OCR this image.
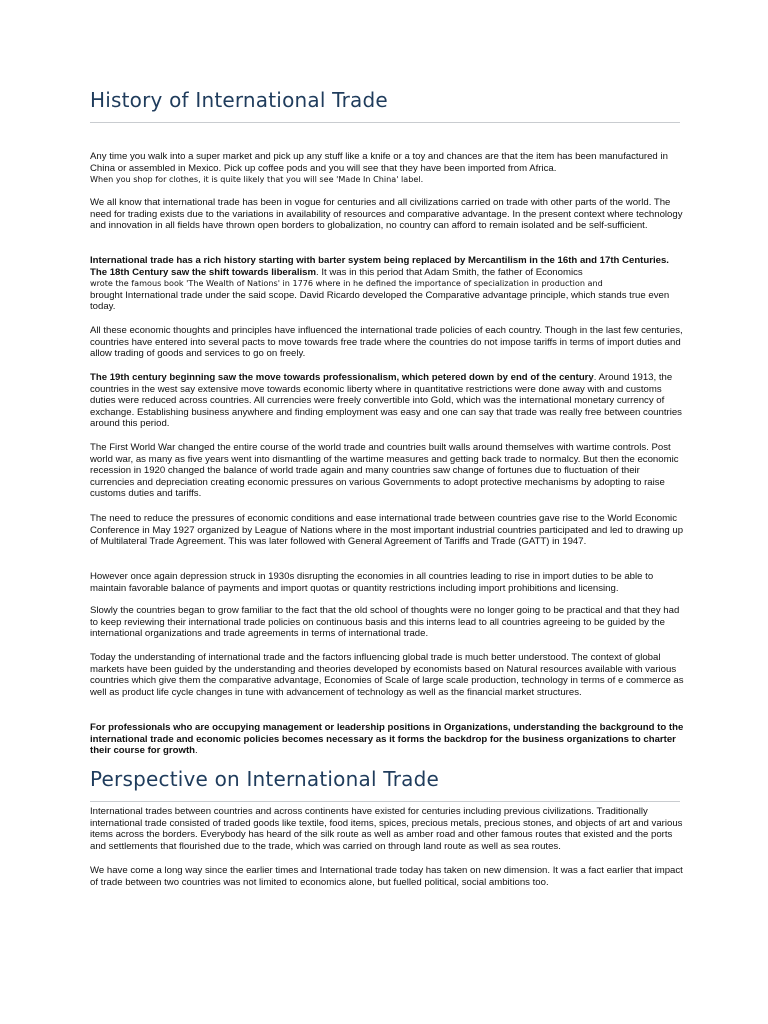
History of International Trade

Any time you walk into a super market and pick up any stuff like a knife or a toy and chances are that the item has been manufactured in China or assembled in Mexico. Pick up coffee pods and you will see that they have been imported from Africa.
When you shop for clothes, it is quite likely that you will see 'Made In China' label.

We all know that international trade has been in vogue for centuries and all civilizations carried on trade with other parts of the world. The need for trading exists due to the variations in availability of resources and comparative advantage. In the present context where technology and innovation in all fields have thrown open borders to globalization, no country can afford to remain isolated and be self-sufficient.

International trade has a rich history starting with barter system being replaced by Mercantilism in the 16th and 17th Centuries. The 18th Century saw the shift towards liberalism. It was in this period that Adam Smith, the father of Economics
wrote the famous book 'The Wealth of Nations' in 1776 where in he defined the importance of specialization in production and
brought International trade under the said scope. David Ricardo developed the Comparative advantage principle, which stands true even today.

All these economic thoughts and principles have influenced the international trade policies of each country. Though in the last few centuries, countries have entered into several pacts to move towards free trade where the countries do not impose tariffs in terms of import duties and allow trading of goods and services to go on freely.

The 19th century beginning saw the move towards professionalism, which petered down by end of the century. Around 1913, the countries in the west say extensive move towards economic liberty where in quantitative restrictions were done away with and customs duties were reduced across countries. All currencies were freely convertible into Gold, which was the international monetary currency of exchange. Establishing business anywhere and finding employment was easy and one can say that trade was really free between countries around this period.

The First World War changed the entire course of the world trade and countries built walls around themselves with wartime controls. Post world war, as many as five years went into dismantling of the wartime measures and getting back trade to normalcy. But then the economic recession in 1920 changed the balance of world trade again and many countries saw change of fortunes due to fluctuation of their currencies and depreciation creating economic pressures on various Governments to adopt protective mechanisms by adopting to raise customs duties and tariffs.

The need to reduce the pressures of economic conditions and ease international trade between countries gave rise to the World Economic Conference in May 1927 organized by League of Nations where in the most important industrial countries participated and led to drawing up of Multilateral Trade Agreement. This was later followed with General Agreement of Tariffs and Trade (GATT) in 1947.

However once again depression struck in 1930s disrupting the economies in all countries leading to rise in import duties to be able to maintain favorable balance of payments and import quotas or quantity restrictions including import prohibitions and licensing.

Slowly the countries began to grow familiar to the fact that the old school of thoughts were no longer going to be practical and that they had to keep reviewing their international trade policies on continuous basis and this interns lead to all countries agreeing to be guided by the international organizations and trade agreements in terms of international trade.

Today the understanding of international trade and the factors influencing global trade is much better understood. The context of global markets have been guided by the understanding and theories developed by economists based on Natural resources available with various countries which give them the comparative advantage, Economies of Scale of large scale production, technology in terms of e commerce as well as product life cycle changes in tune with advancement of technology as well as the financial market structures.

For professionals who are occupying management or leadership positions in Organizations, understanding the background to the international trade and economic policies becomes necessary as it forms the backdrop for the business organizations to charter their course for growth.

Perspective on International Trade

International trades between countries and across continents have existed for centuries including previous civilizations. Traditionally international trade consisted of traded goods like textile, food items, spices, precious metals, precious stones, and objects of art and various items across the borders. Everybody has heard of the silk route as well as amber road and other famous routes that existed and the ports and settlements that flourished due to the trade, which was carried on through land route as well as sea routes.

We have come a long way since the earlier times and International trade today has taken on new dimension. It was a fact earlier that impact of trade between two countries was not limited to economics alone, but fuelled political, social ambitions too.
